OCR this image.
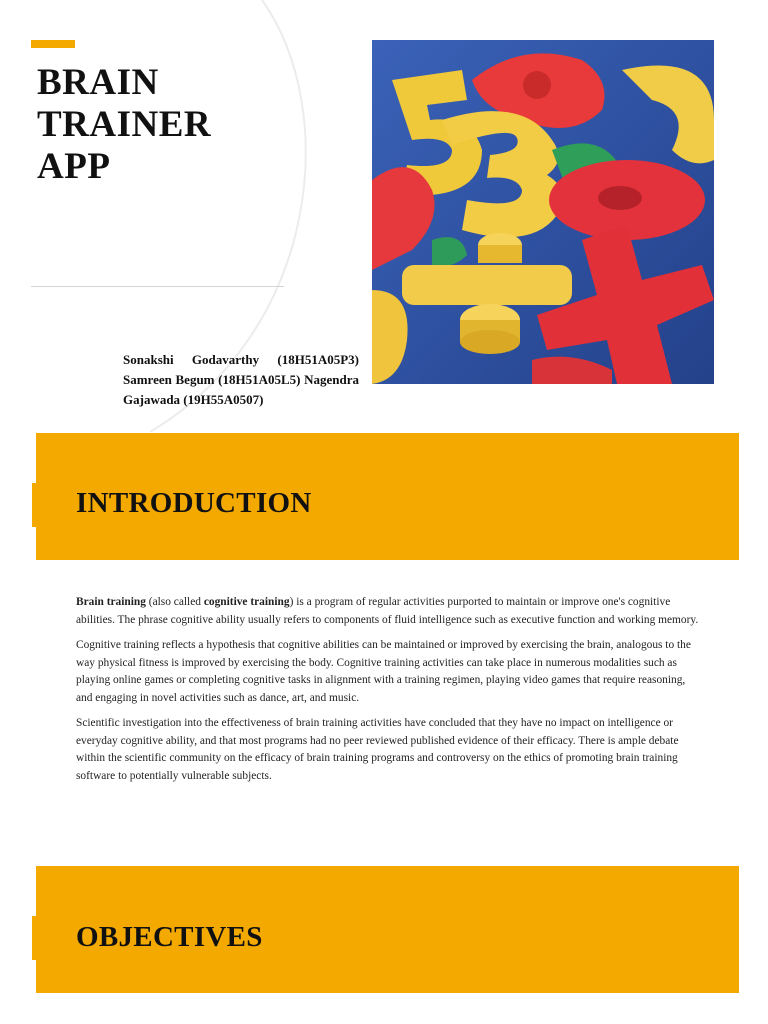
BRAIN
TRAINER
APP

Sonakshi Godavarthy (18H51A05P3) Samreen Begum (18H51A05L5) Nagendra Gajawada (19H55A0507)

INTRODUCTION

Brain training (also called cognitive training) is a program of regular activities purported to maintain or improve one's cognitive abilities. The phrase cognitive ability usually refers to components of fluid intelligence such as executive function and working memory.

Cognitive training reflects a hypothesis that cognitive abilities can be maintained or improved by exercising the brain, analogous to the way physical fitness is improved by exercising the body. Cognitive training activities can take place in numerous modalities such as playing online games or completing cognitive tasks in alignment with a training regimen, playing video games that require reasoning, and engaging in novel activities such as dance, art, and music.

Scientific investigation into the effectiveness of brain training activities have concluded that they have no impact on intelligence or everyday cognitive ability, and that most programs had no peer reviewed published evidence of their efficacy. There is ample debate within the scientific community on the efficacy of brain training programs and controversy on the ethics of promoting brain training software to potentially vulnerable subjects.

OBJECTIVES
